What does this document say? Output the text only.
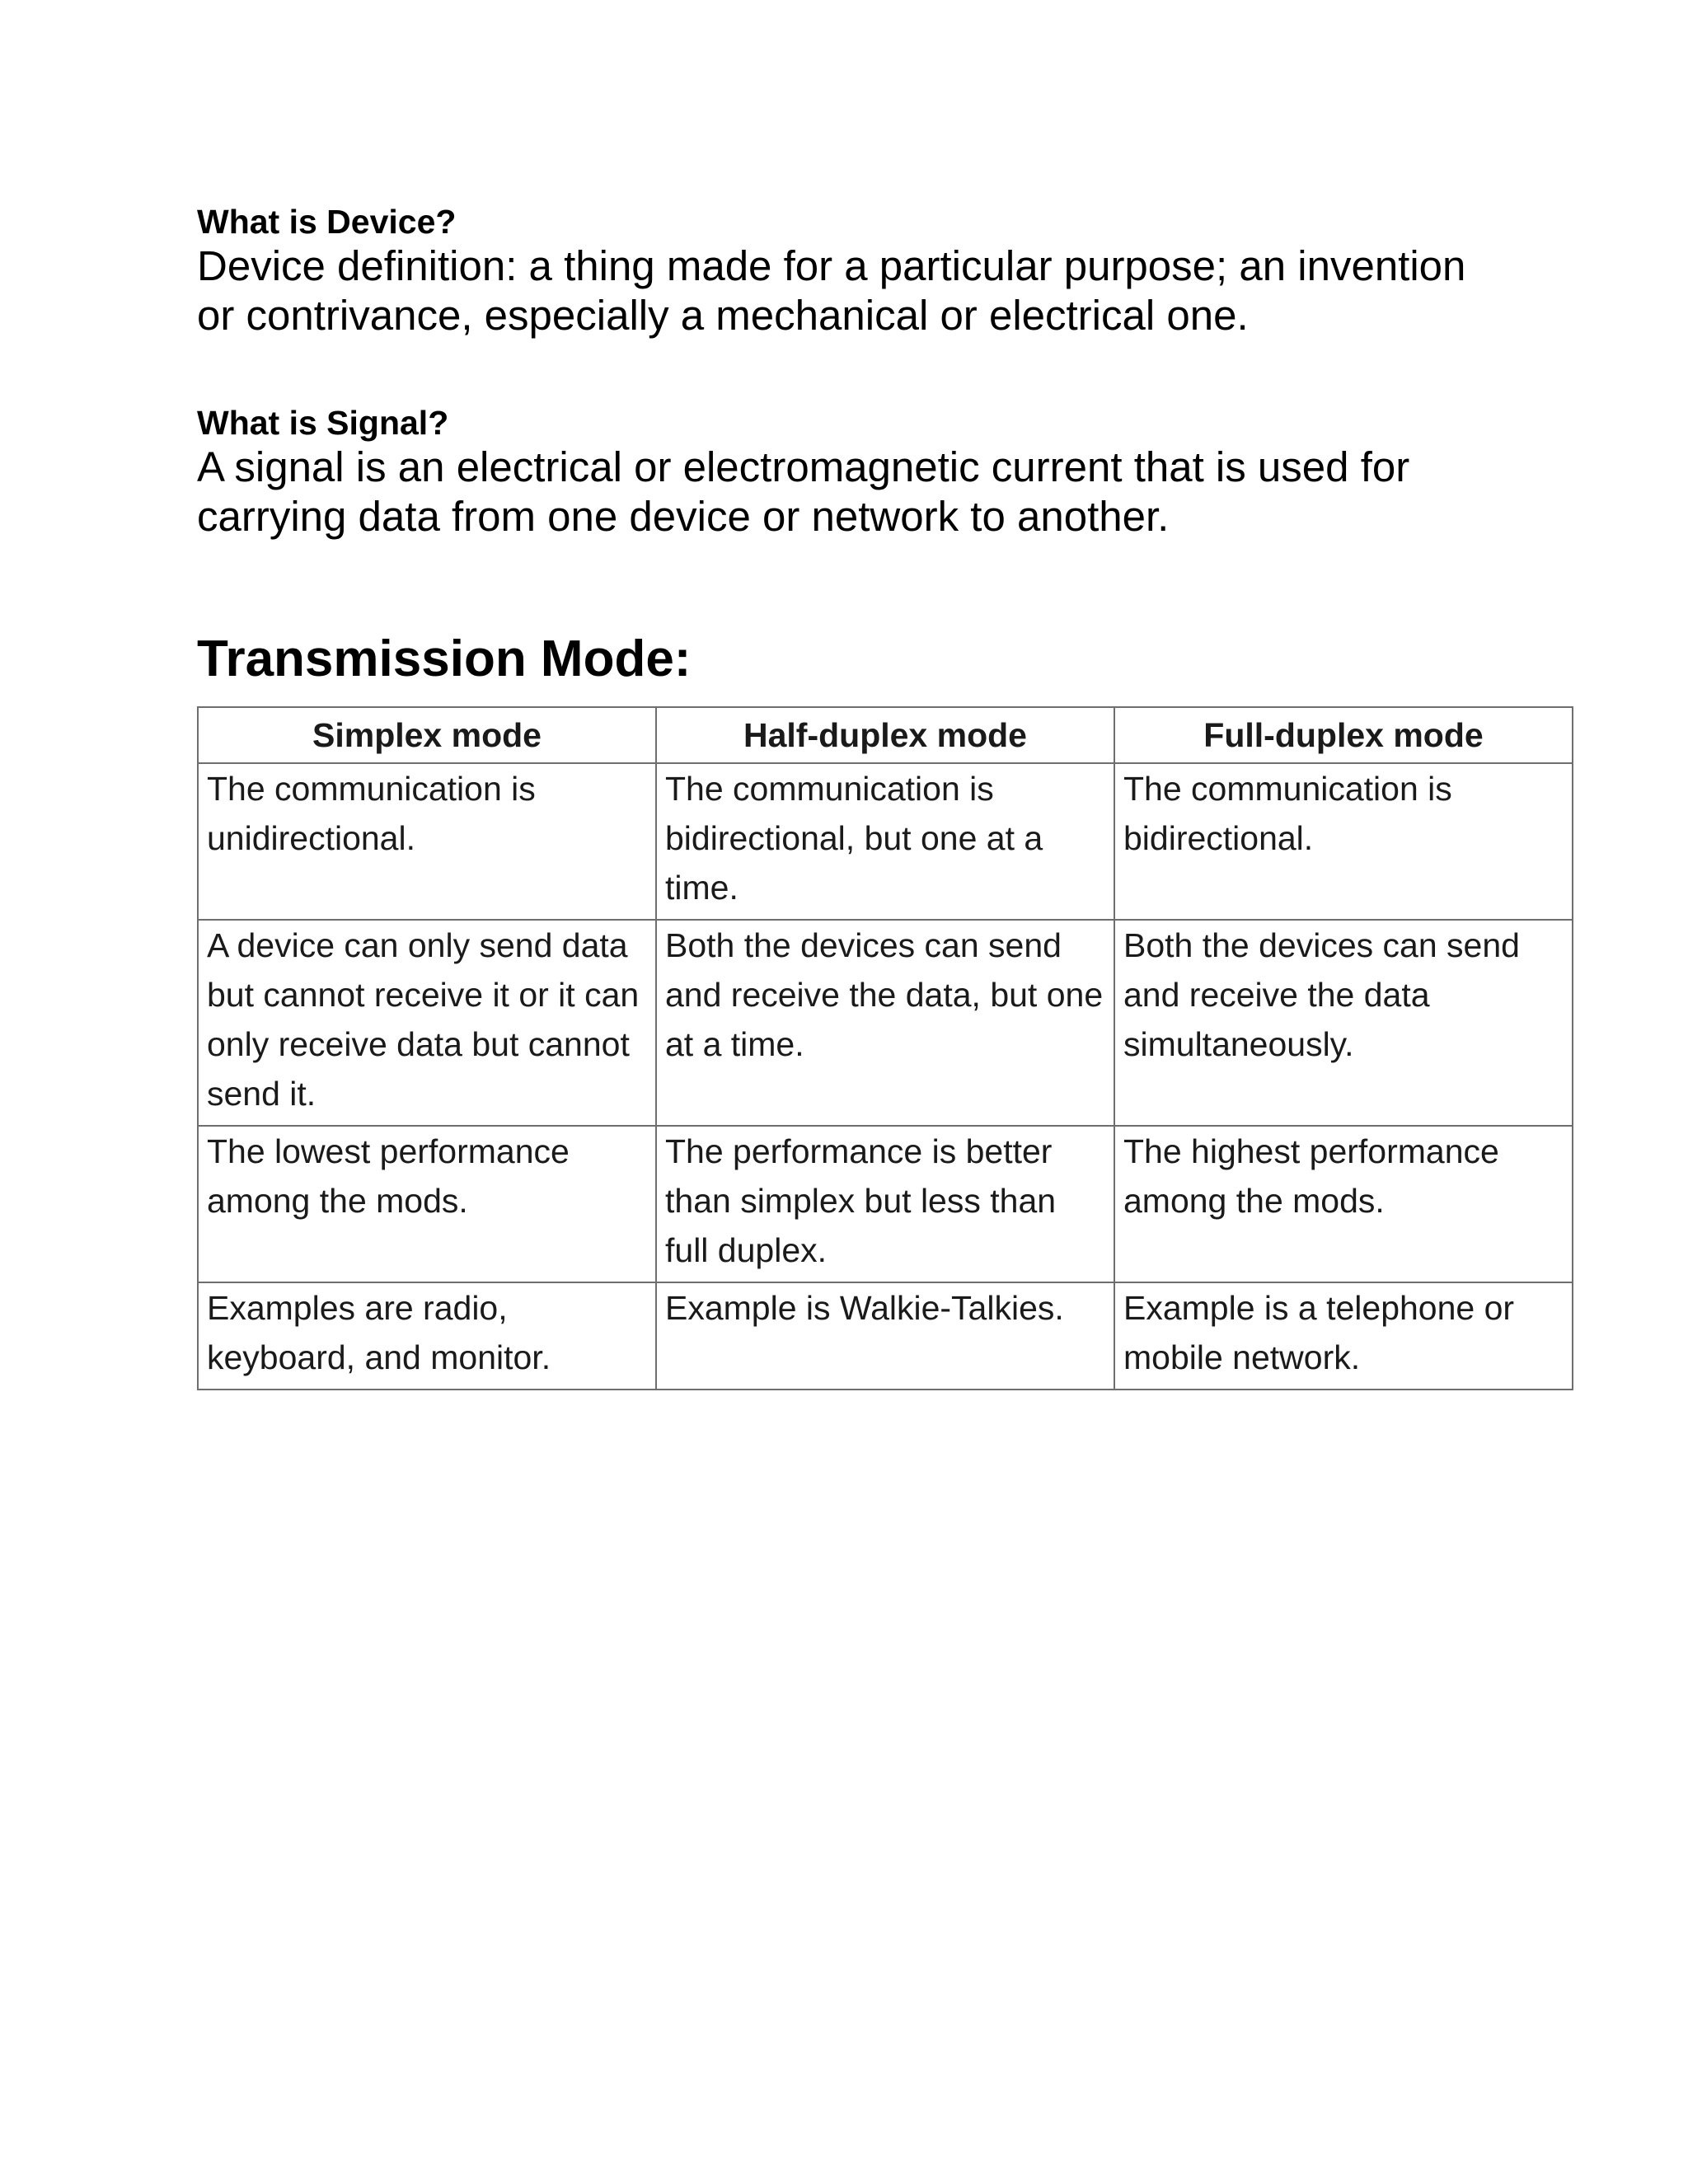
What is Device?

Device definition: a thing made for a particular purpose; an invention or contrivance, especially a mechanical or electrical one.

What is Signal?

A signal is an electrical or electromagnetic current that is used for carrying data from one device or network to another.

Transmission Mode:
Simplex mode	Half-duplex mode	Full-duplex mode
The communication is unidirectional.	The communication is bidirectional, but one at a time.	The communication is bidirectional.
A device can only send data but cannot receive it or it can only receive data but cannot send it.	Both the devices can send and receive the data, but one at a time.	Both the devices can send and receive the data simultaneously.
The lowest performance among the mods.	The performance is better than simplex but less than full duplex.	The highest performance among the mods.
Examples are radio, keyboard, and monitor.	Example is Walkie-Talkies.	Example is a telephone or mobile network.
